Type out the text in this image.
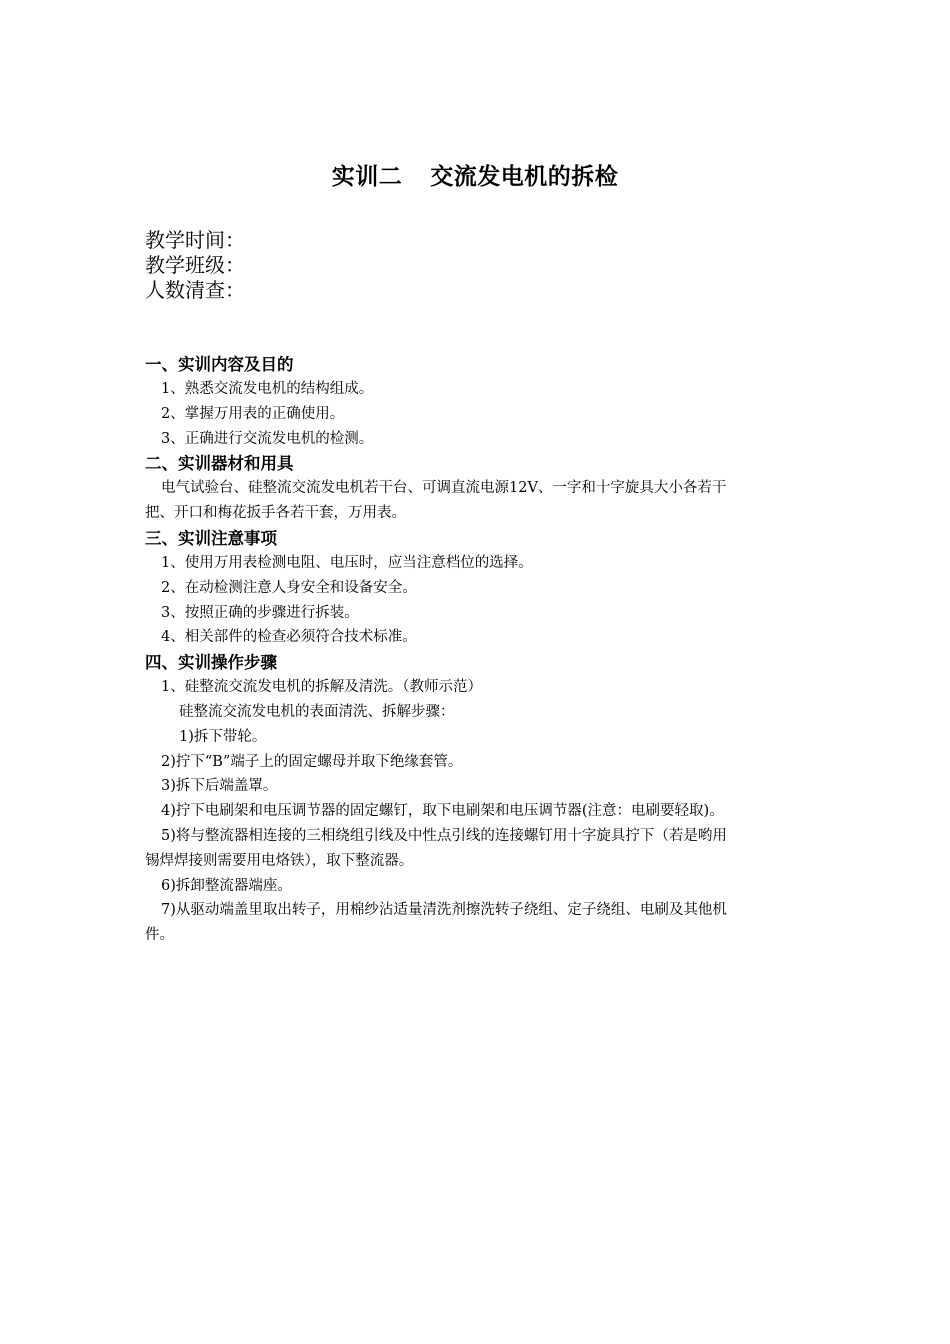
实训二 交流发电机的拆检
教学时间：
教学班级：
人数清查：
一、实训内容及目的
1、熟悉交流发电机的结构组成。
2、掌握万用表的正确使用。
3、正确进行交流发电机的检测。
二、实训器材和用具
电气试验台、硅整流交流发电机若干台、可调直流电源12V、一字和十字旋具大小各若干
把、开口和梅花扳手各若干套，万用表。
三、实训注意事项
1、使用万用表检测电阻、电压时，应当注意档位的选择。
2、在动检测注意人身安全和设备安全。
3、按照正确的步骤进行拆装。
4、相关部件的检查必须符合技术标准。
四、实训操作步骤
1、硅整流交流发电机的拆解及清洗。（教师示范）
硅整流交流发电机的表面清洗、拆解步骤：
1)拆下带轮。
2)拧下“B”端子上的固定螺母并取下绝缘套管。
3)拆下后端盖罩。
4)拧下电刷架和电压调节器的固定螺钉，取下电刷架和电压调节器(注意：电刷要轻取)。
5)将与整流器相连接的三相绕组引线及中性点引线的连接螺钉用十字旋具拧下（若是哟用
锡焊焊接则需要用电烙铁），取下整流器。
6)拆卸整流器端座。
7)从驱动端盖里取出转子，用棉纱沾适量清洗剂擦洗转子绕组、定子绕组、电刷及其他机
件。
